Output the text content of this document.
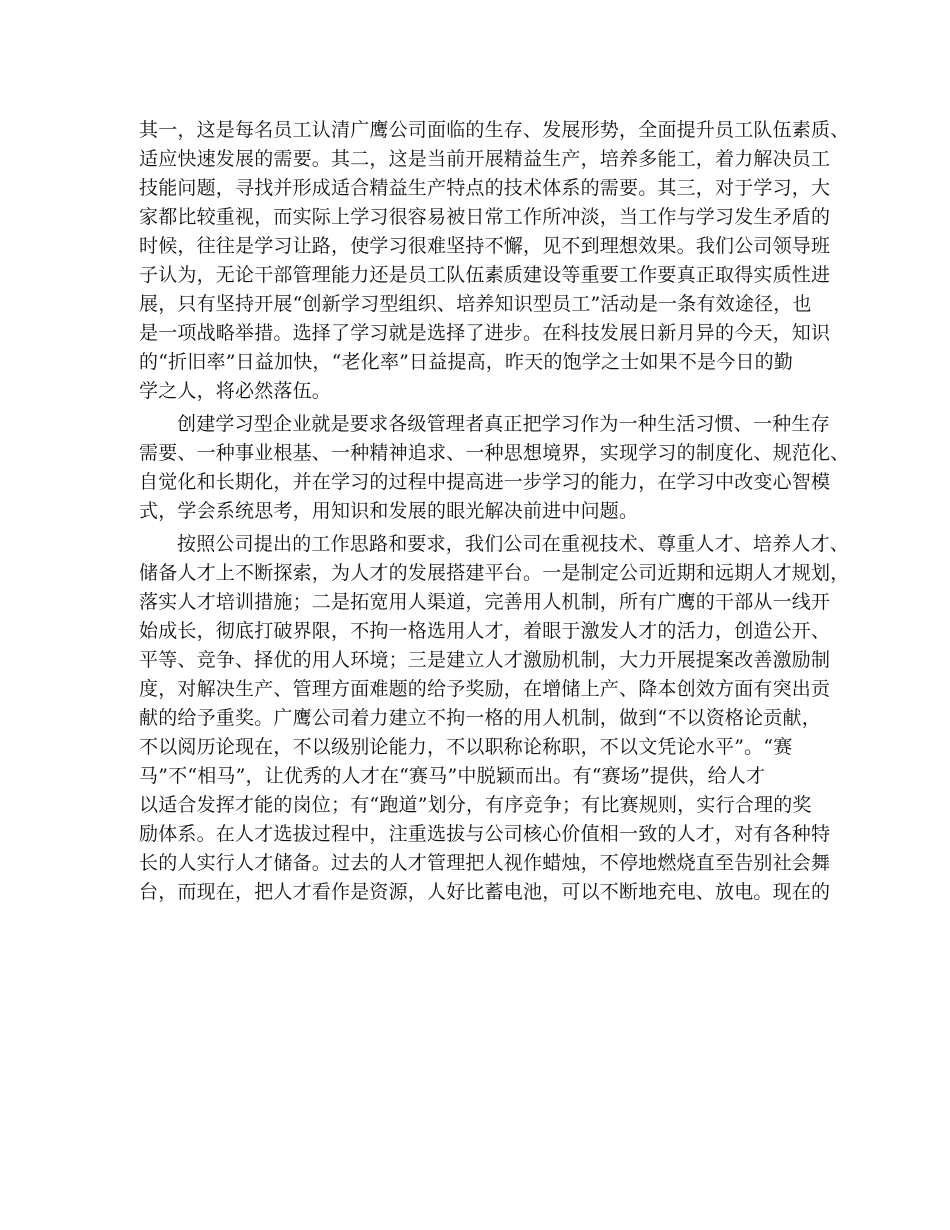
其一，这是每名员工认清广鹰公司面临的生存、发展形势，全面提升员工队伍素质、

适应快速发展的需要。其二，这是当前开展精益生产，培养多能工，着力解决员工

技能问题，寻找并形成适合精益生产特点的技术体系的需要。其三，对于学习，大

家都比较重视，而实际上学习很容易被日常工作所冲淡，当工作与学习发生矛盾的

时候，往往是学习让路，使学习很难坚持不懈，见不到理想效果。我们公司领导班

子认为，无论干部管理能力还是员工队伍素质建设等重要工作要真正取得实质性进

展，只有坚持开展“创新学习型组织、培养知识型员工”活动是一条有效途径，也

是一项战略举措。选择了学习就是选择了进步。在科技发展日新月异的今天，知识

的“折旧率”日益加快，“老化率”日益提高，昨天的饱学之士如果不是今日的勤

学之人，将必然落伍。

创建学习型企业就是要求各级管理者真正把学习作为一种生活习惯、一种生存

需要、一种事业根基、一种精神追求、一种思想境界，实现学习的制度化、规范化、

自觉化和长期化，并在学习的过程中提高进一步学习的能力，在学习中改变心智模

式，学会系统思考，用知识和发展的眼光解决前进中问题。

按照公司提出的工作思路和要求，我们公司在重视技术、尊重人才、培养人才、

储备人才上不断探索，为人才的发展搭建平台。一是制定公司近期和远期人才规划，

落实人才培训措施；二是拓宽用人渠道，完善用人机制，所有广鹰的干部从一线开

始成长，彻底打破界限，不拘一格选用人才，着眼于激发人才的活力，创造公开、

平等、竞争、择优的用人环境；三是建立人才激励机制，大力开展提案改善激励制

度，对解决生产、管理方面难题的给予奖励，在增储上产、降本创效方面有突出贡

献的给予重奖。广鹰公司着力建立不拘一格的用人机制，做到“不以资格论贡献，

不以阅历论现在，不以级别论能力，不以职称论称职，不以文凭论水平”。“赛

马”不“相马”，让优秀的人才在“赛马”中脱颖而出。有“赛场”提供，给人才

以适合发挥才能的岗位；有“跑道”划分，有序竞争；有比赛规则，实行合理的奖

励体系。在人才选拔过程中，注重选拔与公司核心价值相一致的人才，对有各种特

长的人实行人才储备。过去的人才管理把人视作蜡烛，不停地燃烧直至告别社会舞

台，而现在，把人才看作是资源，人好比蓄电池，可以不断地充电、放电。现在的
